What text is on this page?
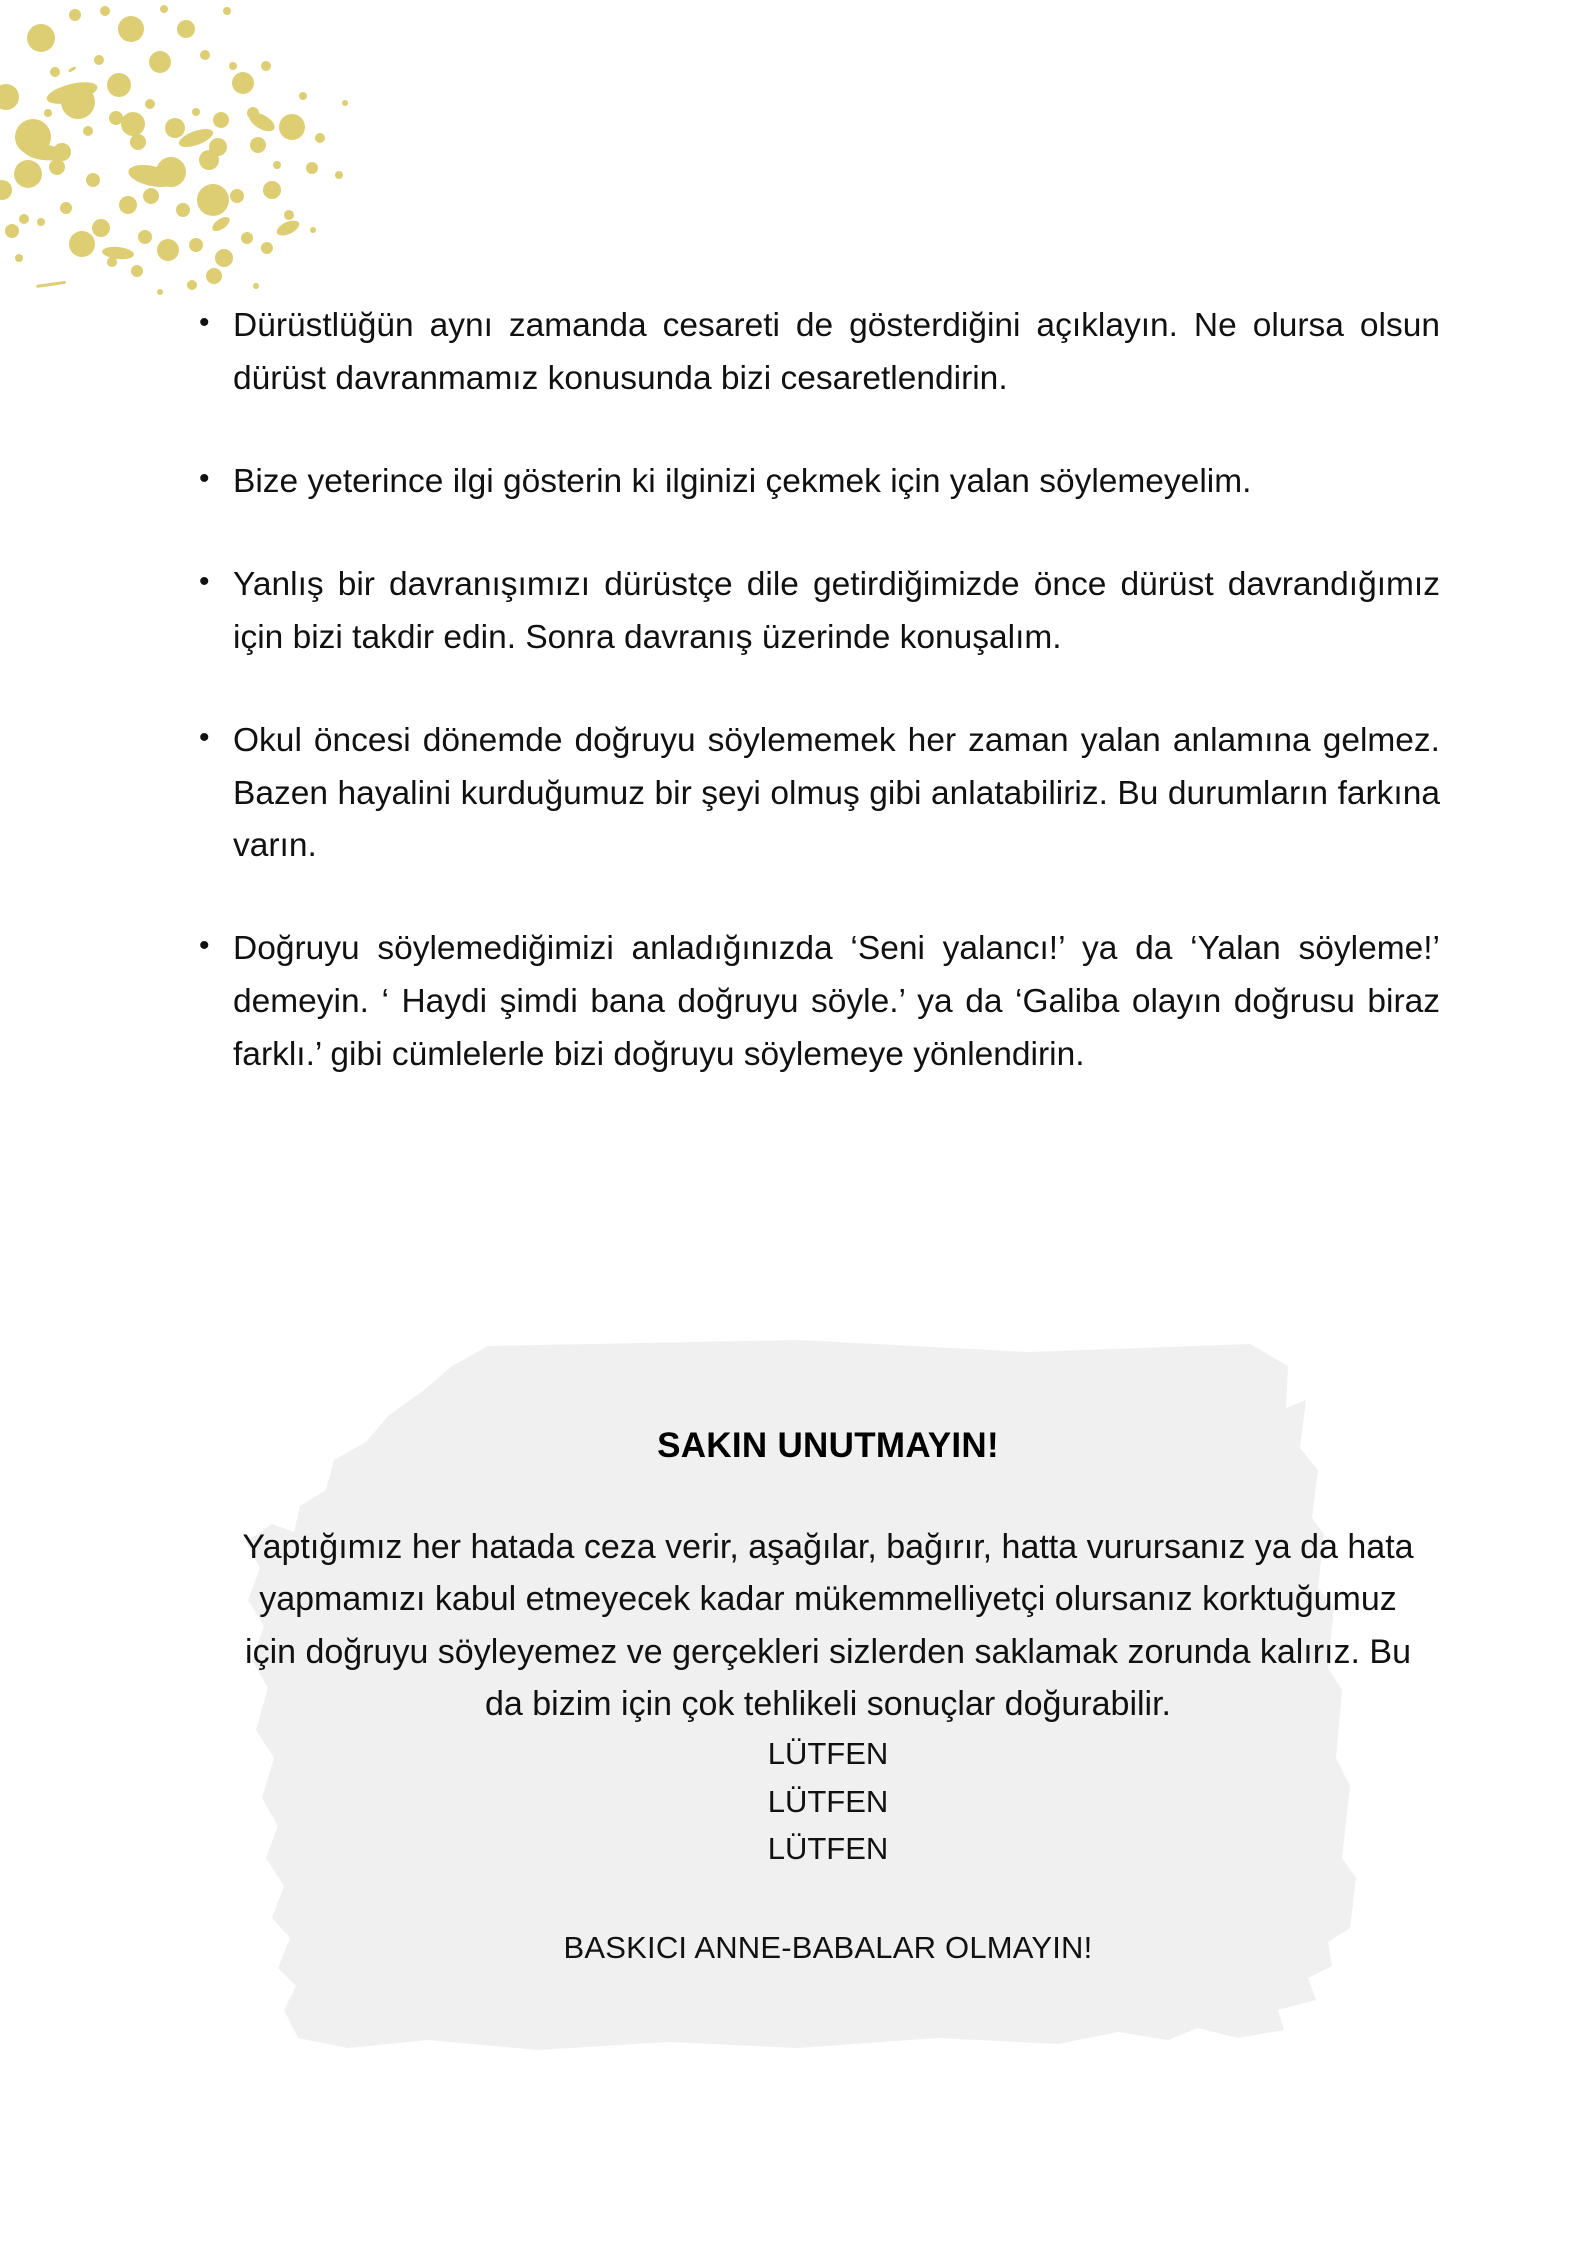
• Dürüstlüğün aynı zamanda cesareti de gösterdiğini açıklayın. Ne olursa olsun dürüst davranmamız konusunda bizi cesaretlendirin.
• Bize yeterince ilgi gösterin ki ilginizi çekmek için yalan söylemeyelim.
• Yanlış bir davranışımızı dürüstçe dile getirdiğimizde önce dürüst davrandığımız için bizi takdir edin. Sonra davranış üzerinde konuşalım.
• Okul öncesi dönemde doğruyu söylememek her zaman yalan anlamına gelmez. Bazen hayalini kurduğumuz bir şeyi olmuş gibi anlatabiliriz. Bu durumların farkına varın.
• Doğruyu söylemediğimizi anladığınızda ‘Seni yalancı!’ ya da ‘Yalan söyleme!’ demeyin. ‘ Haydi şimdi bana doğruyu söyle.’ ya da ‘Galiba olayın doğrusu biraz farklı.’ gibi cümlelerle bizi doğruyu söylemeye yönlendirin.

SAKIN UNUTMAYIN!

Yaptığımız her hatada ceza verir, aşağılar, bağırır, hatta vurursanız ya da hata yapmamızı kabul etmeyecek kadar mükemmelliyetçi olursanız korktuğumuz için doğruyu söyleyemez ve gerçekleri sizlerden saklamak zorunda kalırız. Bu da bizim için çok tehlikeli sonuçlar doğurabilir.

LÜTFEN

LÜTFEN

LÜTFEN

BASKICI ANNE-BABALAR OLMAYIN!
